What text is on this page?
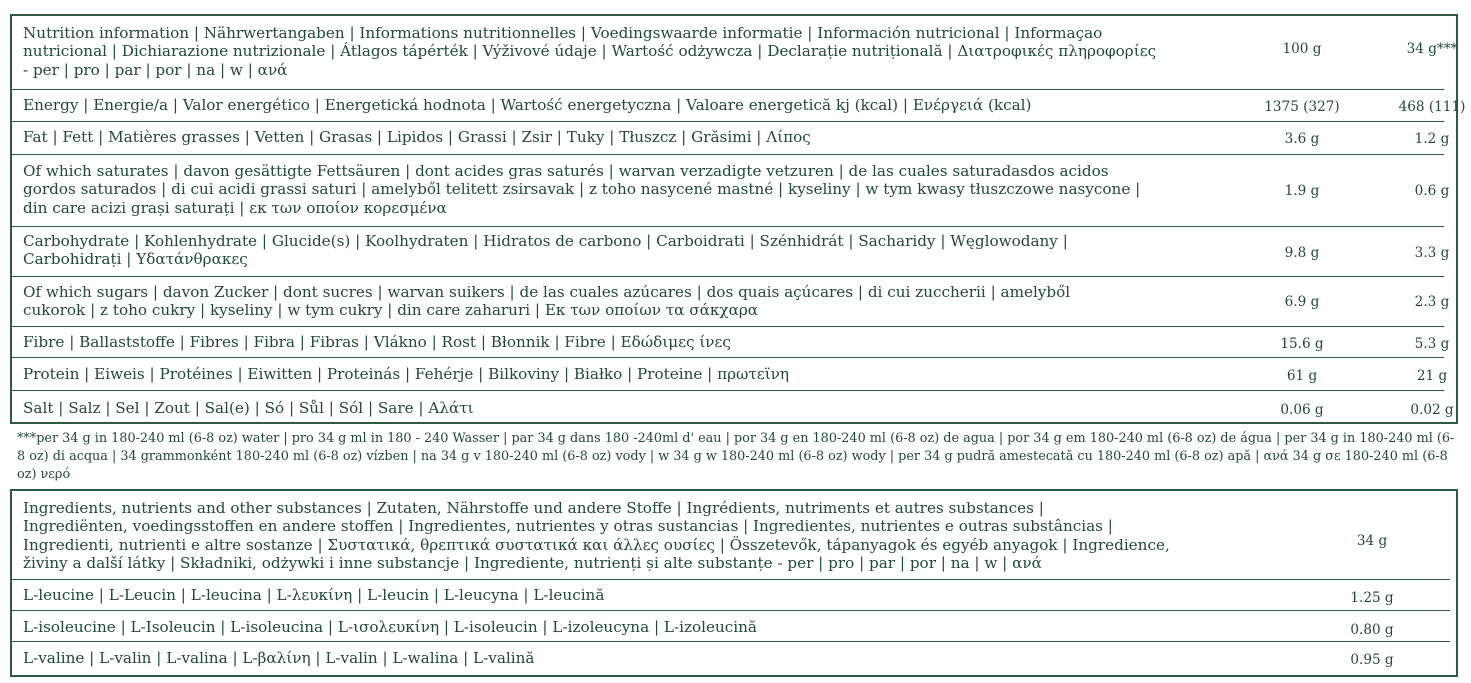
Nutrition information | Nährwertangaben | Informations nutritionnelles | Voedingswaarde informatie | Información nutricional | Informaçao
nutricional | Dichiarazione nutrizionale | Átlagos tápérték | Výživové údaje | Wartość odżywcza | Declarație nutrițională | Διατροφικές πληροφορίες
- per | pro | par | por | na | w | ανά
100 g	34 g***
Energy | Energie/a | Valor energético | Energetická hodnota | Wartość energetyczna | Valoare energetică kj (kcal) | Ενέργειά (kcal)	1375 (327)	468 (111)
Fat | Fett | Matières grasses | Vetten | Grasas | Lipidos | Grassi | Zsir | Tuky | Tłuszcz | Grăsimi | Λίπος	3.6 g	1.2 g
Of which saturates | davon gesättigte Fettsäuren | dont acides gras saturés | warvan verzadigte vetzuren | de las cuales saturadasdos acidos
gordos saturados | di cui acidi grassi saturi | amelyből telitett zsirsavak | z toho nasycené mastné | kyseliny | w tym kwasy tłuszczowe nasycone |
din care acizi grași saturați | εκ των οποίον κορεσμένα
1.9 g	0.6 g
Carbohydrate | Kohlenhydrate | Glucide(s) | Koolhydraten | Hidratos de carbono | Carboidrati | Szénhidrát | Sacharidy | Węglowodany |
Carbohidrați | Υδατάνθρακες	9.8 g	3.3 g
Of which sugars | davon Zucker | dont sucres | warvan suikers | de las cuales azúcares | dos quais açúcares | di cui zuccherii | amelyből
cukorok | z toho cukry | kyseliny | w tym cukry | din care zaharuri | Εκ των οποίων τα σάκχαρα	6.9 g	2.3 g
Fibre | Ballaststoffe | Fibres | Fibra | Fibras | Vlákno | Rost | Błonnik | Fibre | Εδώδιμες ίνες	15.6 g	5.3 g
Protein | Eiweis | Protéines | Eiwitten | Proteinás | Fehérje | Bilkoviny | Białko | Proteine | πρωτεϊνη	61 g	21 g
Salt | Salz | Sel | Zout | Sal(e) | Só | Sůl | Sól | Sare | Αλάτι	0.06 g	0.02 g
***per 34 g in 180-240 ml (6-8 oz) water | pro 34 g ml in 180 - 240 Wasser | par 34 g dans 180 -240ml d' eau | por 34 g en 180-240 ml (6-8 oz) de agua | por 34 g em 180-240 ml (6-8 oz) de água | per 34 g in 180-240 ml (6-8 oz) di acqua | 34 grammonként 180-240 ml (6-8 oz) vízben | na 34 g v 180-240 ml (6-8 oz) vody | w 34 g w 180-240 ml (6-8 oz) wody | per 34 g pudră amestecată cu 180-240 ml (6-8 oz) apă | ανά 34 g σε 180-240 ml (6-8 oz) νερό
Ingredients, nutrients and other substances | Zutaten, Nährstoffe und andere Stoffe | Ingrédients, nutriments et autres substances |
Ingrediënten, voedingsstoffen en andere stoffen | Ingredientes, nutrientes y otras sustancias | Ingredientes, nutrientes e outras substâncias |
Ingredienti, nutrienti e altre sostanze | Συστατικά, θρεπτικά συστατικά και άλλες ουσίες | Összetevők, tápanyagok és egyéb anyagok | Ingredience,
živiny a další látky | Składniki, odżywki i inne substancje | Ingrediente, nutrienți și alte substanțe - per | pro | par | por | na | w | ανά
34 g
L-leucine | L-Leucin | L-leucina | L-λευκίνη | L-leucin | L-leucyna | L-leucină	1.25 g
L-isoleucine | L-Isoleucin | L-isoleucina | L-ισολευκίνη | L-isoleucin | L-izoleucyna | L-izoleucină	0.80 g
L-valine | L-valin | L-valina | L-βαλίνη | L-valin | L-walina | L-valină	0.95 g
